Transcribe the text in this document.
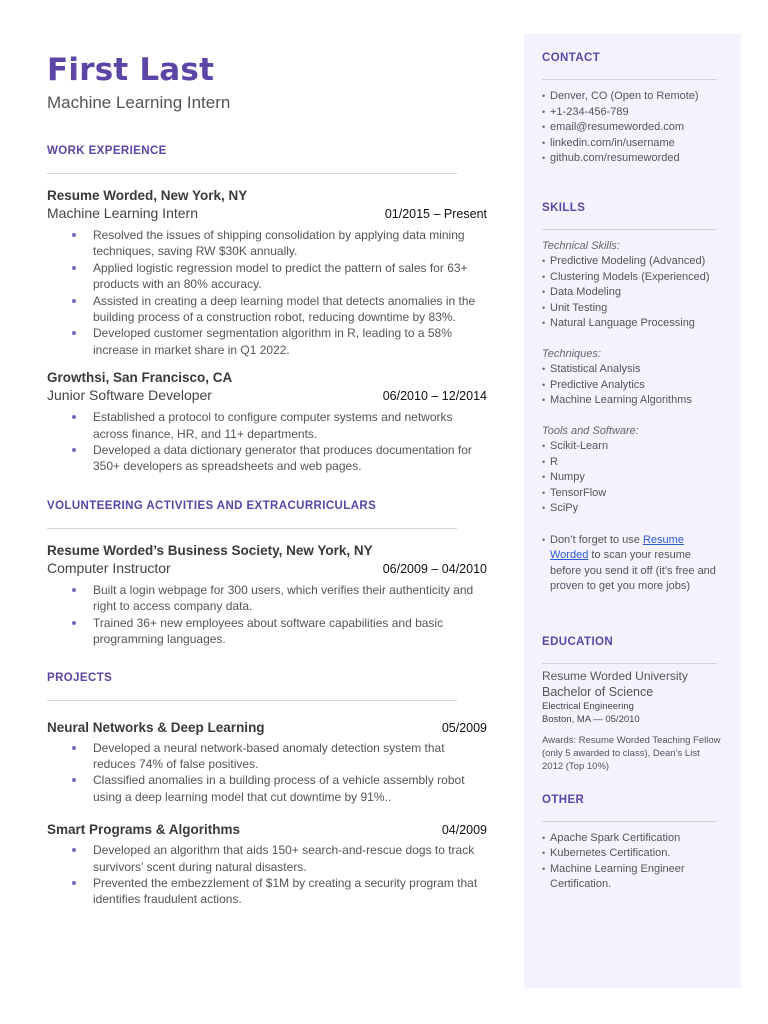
First Last
Machine Learning Intern
WORK EXPERIENCE
Resume Worded, New York, NY
Machine Learning Intern	01/2015 – Present
Resolved the issues of shipping consolidation by applying data mining techniques, saving RW $30K annually.
Applied logistic regression model to predict the pattern of sales for 63+ products with an 80% accuracy.
Assisted in creating a deep learning model that detects anomalies in the building process of a construction robot, reducing downtime by 83%.
Developed customer segmentation algorithm in R, leading to a 58% increase in market share in Q1 2022.
Growthsi, San Francisco, CA
Junior Software Developer	06/2010 – 12/2014
Established a protocol to configure computer systems and networks across finance, HR, and 11+ departments.
Developed a data dictionary generator that produces documentation for 350+ developers as spreadsheets and web pages.
VOLUNTEERING ACTIVITIES AND EXTRACURRICULARS
Resume Worded’s Business Society, New York, NY
Computer Instructor	06/2009 – 04/2010
Built a login webpage for 300 users, which verifies their authenticity and right to access company data.
Trained 36+ new employees about software capabilities and basic programming languages.
PROJECTS
Neural Networks & Deep Learning	05/2009
Developed a neural network-based anomaly detection system that reduces 74% of false positives.
Classified anomalies in a building process of a vehicle assembly robot using a deep learning model that cut downtime by 91%..
Smart Programs & Algorithms	04/2009
Developed an algorithm that aids 150+ search-and-rescue dogs to track survivors’ scent during natural disasters.
Prevented the embezzlement of $1M by creating a security program that identifies fraudulent actions.
CONTACT
• Denver, CO (Open to Remote)
• +1-234-456-789
• email@resumeworded.com
• linkedin.com/in/username
• github.com/resumeworded
SKILLS
Technical Skills:
• Predictive Modeling (Advanced)
• Clustering Models (Experienced)
• Data Modeling
• Unit Testing
• Natural Language Processing
Techniques:
• Statistical Analysis
• Predictive Analytics
• Machine Learning Algorithms
Tools and Software:
• Scikit-Learn
• R
• Numpy
• TensorFlow
• SciPy
• Don’t forget to use Resume Worded to scan your resume before you send it off (it’s free and proven to get you more jobs)
EDUCATION
Resume Worded University
Bachelor of Science
Electrical Engineering
Boston, MA — 05/2010
Awards: Resume Worded Teaching Fellow (only 5 awarded to class), Dean’s List 2012 (Top 10%)
OTHER
• Apache Spark Certification
• Kubernetes Certification.
• Machine Learning Engineer Certification.
